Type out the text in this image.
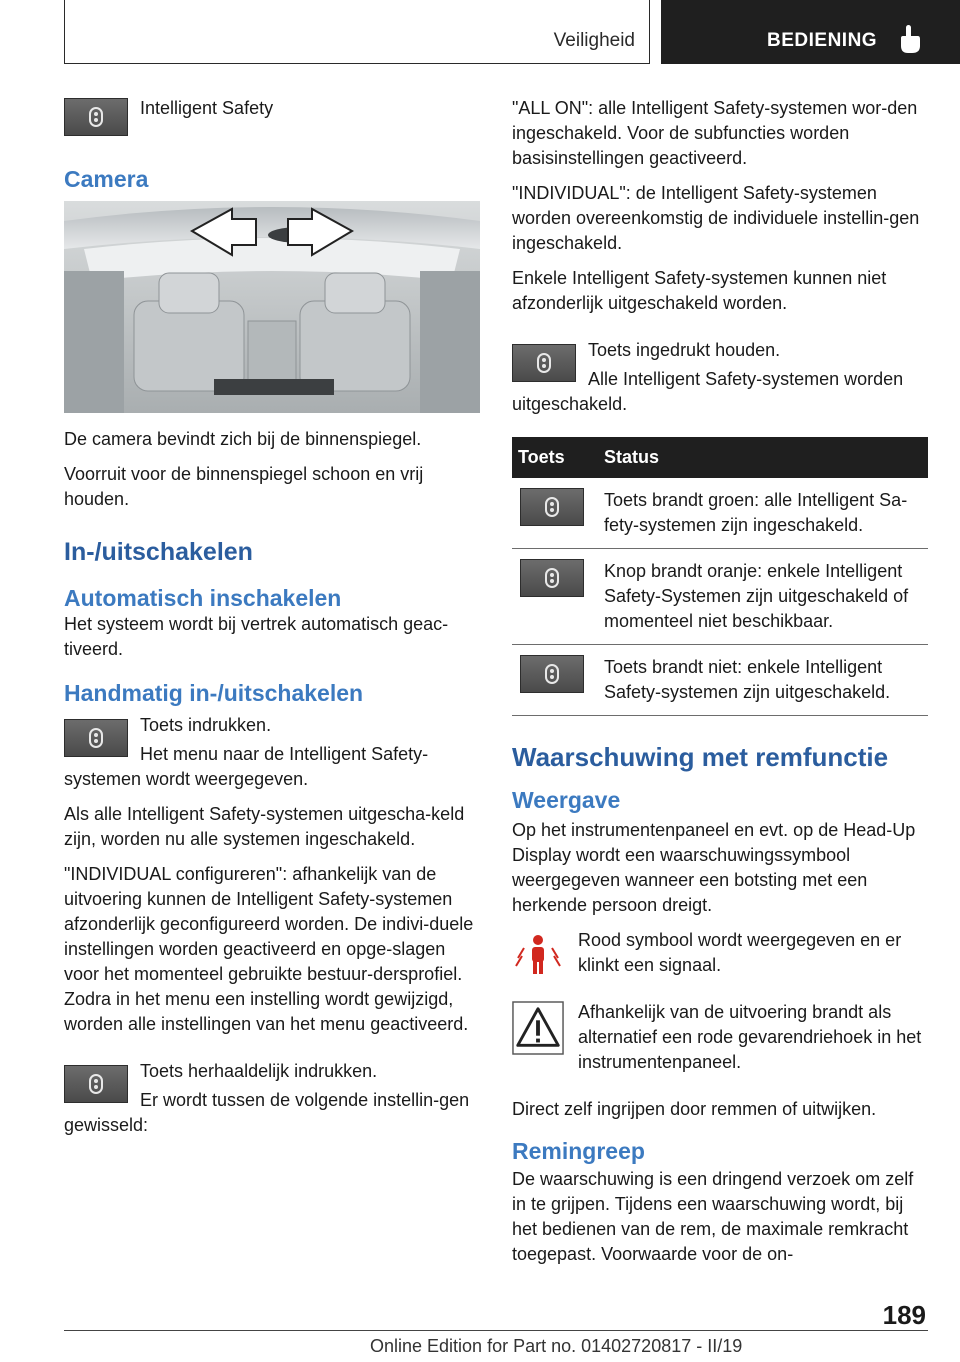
Veiligheid	BEDIENING

Intelligent Safety

Camera

De camera bevindt zich bij de binnenspiegel.

Voorruit voor de binnenspiegel schoon en vrij houden.

In-/uitschakelen
Automatisch inschakelen

Het systeem wordt bij vertrek automatisch geac-tiveerd.

Handmatig in-/uitschakelen

Toets indrukken.

Het menu naar de Intelligent Safety-systemen wordt weergegeven.

Als alle Intelligent Safety-systemen uitgescha-keld zijn, worden nu alle systemen ingeschakeld.

"INDIVIDUAL configureren": afhankelijk van de uitvoering kunnen de Intelligent Safety-systemen afzonderlijk geconfigureerd worden. De indivi-duele instellingen worden geactiveerd en opge-slagen voor het momenteel gebruikte bestuur-dersprofiel. Zodra in het menu een instelling wordt gewijzigd, worden alle instellingen van het menu geactiveerd.

Toets herhaaldelijk indrukken.

Er wordt tussen de volgende instellin-gen gewisseld:

"ALL ON": alle Intelligent Safety-systemen wor-den ingeschakeld. Voor de subfuncties worden basisinstellingen geactiveerd.

"INDIVIDUAL": de Intelligent Safety-systemen worden overeenkomstig de individuele instellin-gen ingeschakeld.

Enkele Intelligent Safety-systemen kunnen niet afzonderlijk uitgeschakeld worden.

Toets ingedrukt houden.

Alle Intelligent Safety-systemen worden uitgeschakeld.

Toets	Status

	Toets brandt groen: alle Intelligent Sa-fety-systemen zijn ingeschakeld.

	Knop brandt oranje: enkele Intelligent Safety-Systemen zijn uitgeschakeld of momenteel niet beschikbaar.

	Toets brandt niet: enkele Intelligent Safety-systemen zijn uitgeschakeld.
Waarschuwing met remfunctie
Weergave

Op het instrumentenpaneel en evt. op de Head-Up Display wordt een waarschuwingssymbool weergegeven wanneer een botsting met een herkende persoon dreigt.

Rood symbool wordt weergegeven en er klinkt een signaal.

Afhankelijk van de uitvoering brandt als alternatief een rode gevarendriehoek in het instrumentenpaneel.

Direct zelf ingrijpen door remmen of uitwijken.

Remingreep

De waarschuwing is een dringend verzoek om zelf in te grijpen. Tijdens een waarschuwing wordt, bij het bedienen van de rem, de maximale remkracht toegepast. Voorwaarde voor de on-

189
Online Edition for Part no. 01402720817 - II/19
